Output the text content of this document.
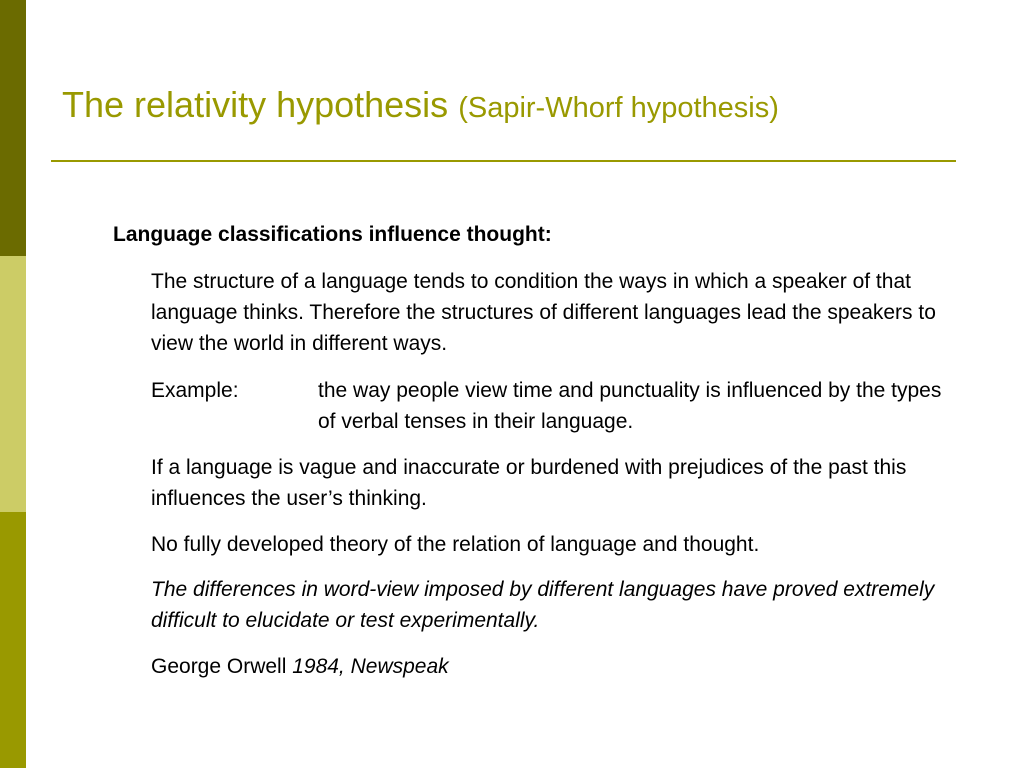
The relativity hypothesis (Sapir-Whorf hypothesis)
Language classifications influence thought:

The structure of a language tends to condition the ways in which a speaker of that language thinks. Therefore the structures of different languages lead the speakers to view the world in different ways.

Example:	the way people view time and punctuality is influenced by the types of verbal tenses in their language.

If a language is vague and inaccurate or burdened with prejudices of the past this influences the user’s thinking.

No fully developed theory of the relation of language and thought.

The differences in word-view imposed by different languages have proved extremely difficult to elucidate or test experimentally.

George Orwell 1984, Newspeak
